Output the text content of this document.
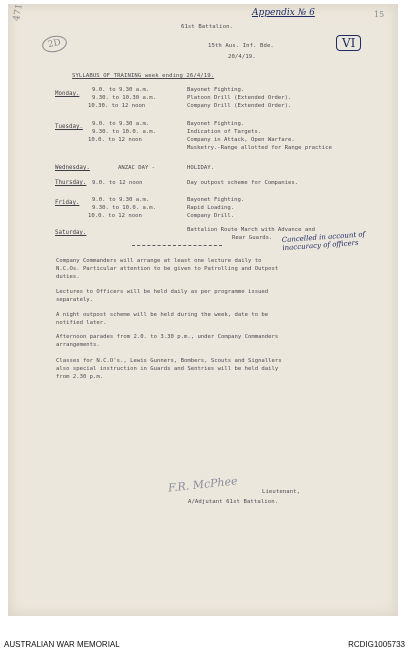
471
2D
Appendix № 6	15
VI
61st Battalion.
15th Aus. Inf. Bde.
20/4/19.
SYLLABUS OF TRAINING week ending 26/4/19.
Monday.
9.0. to 9.30 a.m.	Bayonet Fighting.
9.30. to 10.30 a.m.	Platoon Drill (Extended Order).
10.30. to 12 noon	Company Drill (Extended Order).
Tuesday. 9.0. to 9.30 a.m.	Bayonet Fighting.
9.30. to 10.0. a.m.	Indication of Targets.
10.0. to 12 noon	Company in Attack, Open Warfare.
Musketry.-Range allotted for Range practice
Wednesday.	ANZAC DAY -	HOLIDAY.
Thursday. 9.0. to 12 noon	Day outpost scheme for Companies.
Friday. 9.0. to 9.30 a.m.	Bayonet Fighting.
9.30. to 10.0. a.m.	Rapid Loading.
10.0. to 12 noon	Company Drill.
Saturday.	Battalion Route March with Advance and
Rear Guards. Cancelled in account of inaccuracy of officers
Company Commanders will arrange at least one lecture daily to
N.C.Os. Particular attention to be given to Patrolling and Outpost
duties.
Lectures to Officers will be held daily as per programme issued
separately.
A night outpost scheme will be held during the week, date to be
notified later.
Afternoon parades from 2.0. to 3.30 p.m., under Company Commanders
arrangements.
Classes for N.C.O's., Lewis Gunners, Bombers, Scouts and Signallers
also special instruction in Guards and Sentries will be held daily
from 2.30 p.m.
F.R. McPhee	Lieutenant,
A/Adjutant 61st Battalion.
AUSTRALIAN WAR MEMORIAL	RCDIG1005733
